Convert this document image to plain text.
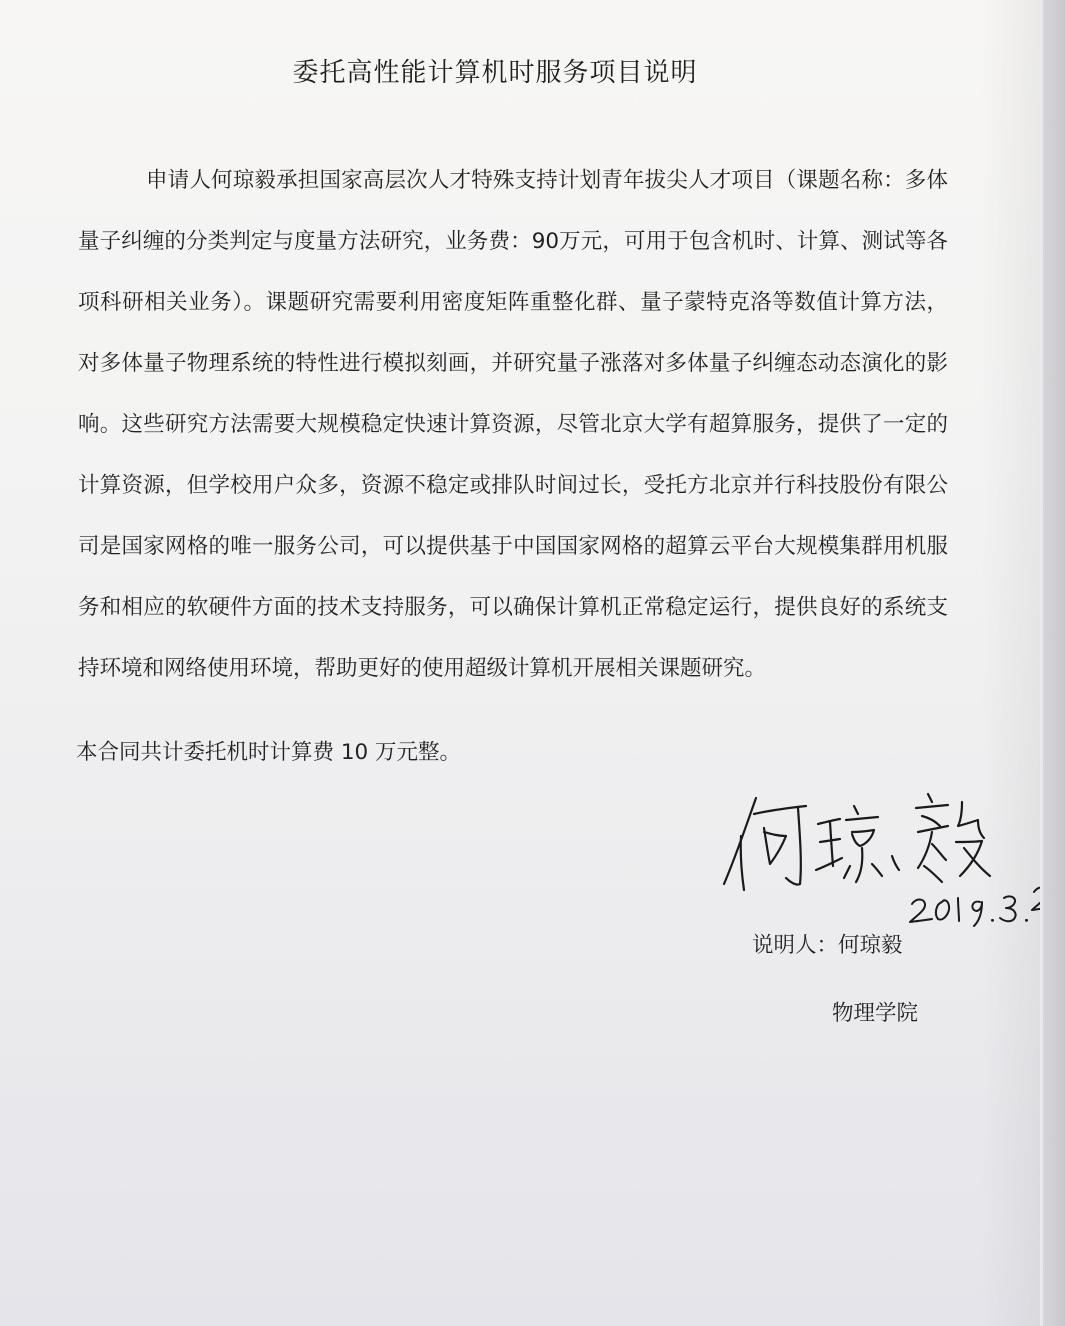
委托高性能计算机时服务项目说明
申请人何琼毅承担国家高层次人才特殊支持计划青年拔尖人才项目（课题名称：多体量子纠缠的分类判定与度量方法研究，业务费：90万元，可用于包含机时、计算、测试等各项科研相关业务）。课题研究需要利用密度矩阵重整化群、量子蒙特克洛等数值计算方法，对多体量子物理系统的特性进行模拟刻画，并研究量子涨落对多体量子纠缠态动态演化的影响。这些研究方法需要大规模稳定快速计算资源，尽管北京大学有超算服务，提供了一定的计算资源，但学校用户众多，资源不稳定或排队时间过长，受托方北京并行科技股份有限公司是国家网格的唯一服务公司，可以提供基于中国国家网格的超算云平台大规模集群用机服务和相应的软硬件方面的技术支持服务，可以确保计算机正常稳定运行，提供良好的系统支持环境和网络使用环境，帮助更好的使用超级计算机开展相关课题研究。
本合同共计委托机时计算费 10 万元整。
说明人：何琼毅
物理学院
